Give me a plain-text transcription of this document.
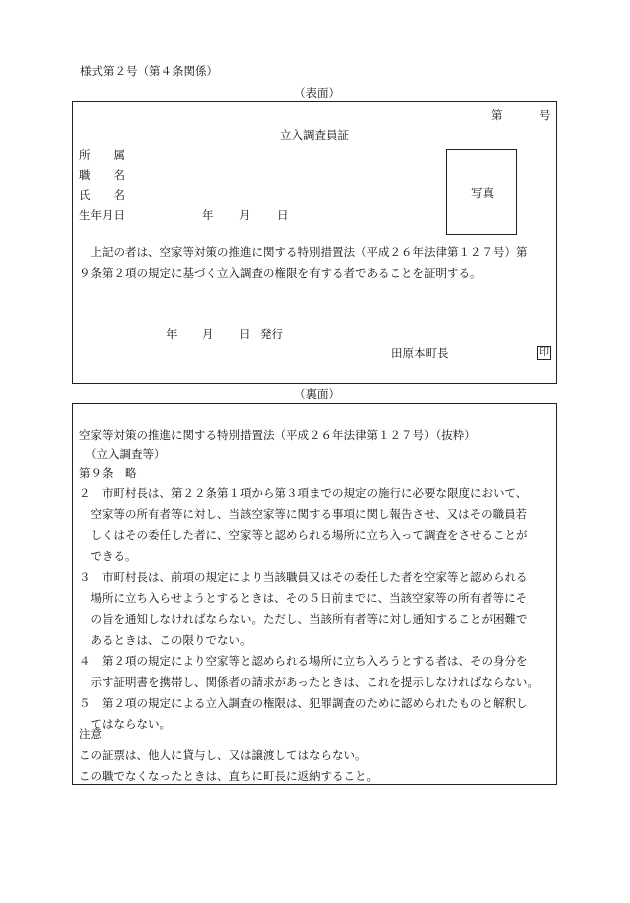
様式第２号（第４条関係）
（表面）
第	号
立入調査員証
所　　属
職　　名
氏　　名
生年月日	年 月 日
写真
　上記の者は、空家等対策の推進に関する特別措置法（平成２６年法律第１２７号）第
９条第２項の規定に基づく立入調査の権限を有する者であることを証明する。
年 月 日 発行
田原本町長	印
（裏面）
空家等対策の推進に関する特別措置法（平成２６年法律第１２７号）（抜粋）
（立入調査等）
第９条　略
２　市町村長は、第２２条第１項から第３項までの規定の施行に必要な限度において、
　空家等の所有者等に対し、当該空家等に関する事項に関し報告させ、又はその職員若
　しくはその委任した者に、空家等と認められる場所に立ち入って調査をさせることが
　できる。
３　市町村長は、前項の規定により当該職員又はその委任した者を空家等と認められる
　場所に立ち入らせようとするときは、その５日前までに、当該空家等の所有者等にそ
　の旨を通知しなければならない。ただし、当該所有者等に対し通知することが困難で
　あるときは、この限りでない。
４　第２項の規定により空家等と認められる場所に立ち入ろうとする者は、その身分を
　示す証明書を携帯し、関係者の請求があったときは、これを提示しなければならない。
５　第２項の規定による立入調査の権限は、犯罪調査のために認められたものと解釈し
　てはならない。
注意
この証票は、他人に貸与し、又は譲渡してはならない。
この職でなくなったときは、直ちに町長に返納すること。
